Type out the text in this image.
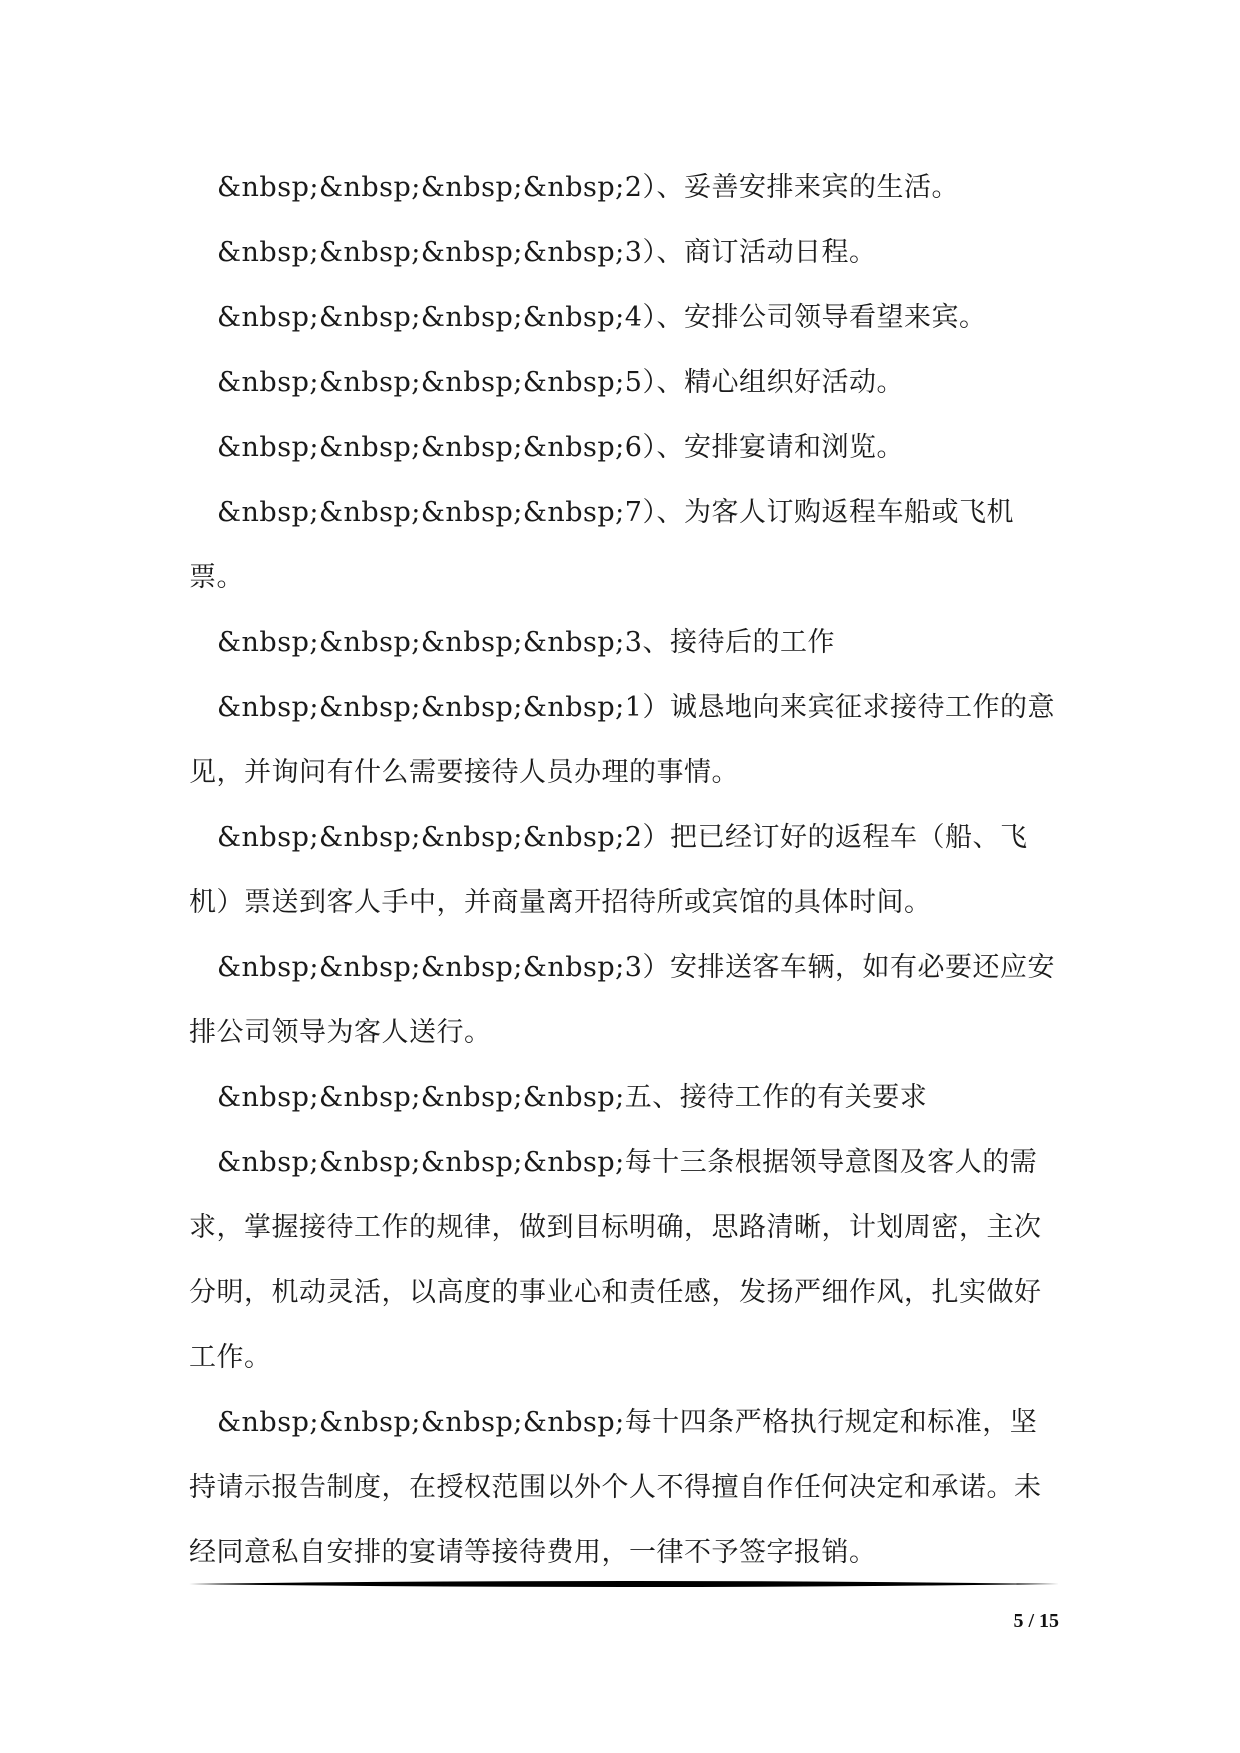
&nbsp;&nbsp;&nbsp;&nbsp;2）、妥善安排来宾的生活。

&nbsp;&nbsp;&nbsp;&nbsp;3）、商订活动日程。

&nbsp;&nbsp;&nbsp;&nbsp;4）、安排公司领导看望来宾。

&nbsp;&nbsp;&nbsp;&nbsp;5）、精心组织好活动。

&nbsp;&nbsp;&nbsp;&nbsp;6）、安排宴请和浏览。

&nbsp;&nbsp;&nbsp;&nbsp;7）、为客人订购返程车船或飞机票。

&nbsp;&nbsp;&nbsp;&nbsp;3、接待后的工作

&nbsp;&nbsp;&nbsp;&nbsp;1）诚恳地向来宾征求接待工作的意见，并询问有什么需要接待人员办理的事情。

&nbsp;&nbsp;&nbsp;&nbsp;2）把已经订好的返程车（船、飞机）票送到客人手中，并商量离开招待所或宾馆的具体时间。

&nbsp;&nbsp;&nbsp;&nbsp;3）安排送客车辆，如有必要还应安排公司领导为客人送行。

&nbsp;&nbsp;&nbsp;&nbsp;五、接待工作的有关要求

&nbsp;&nbsp;&nbsp;&nbsp;每十三条根据领导意图及客人的需求，掌握接待工作的规律，做到目标明确，思路清晰，计划周密，主次分明，机动灵活，以高度的事业心和责任感，发扬严细作风，扎实做好工作。

&nbsp;&nbsp;&nbsp;&nbsp;每十四条严格执行规定和标准，坚持请示报告制度，在授权范围以外个人不得擅自作任何决定和承诺。未经同意私自安排的宴请等接待费用，一律不予签字报销。

5 / 15
